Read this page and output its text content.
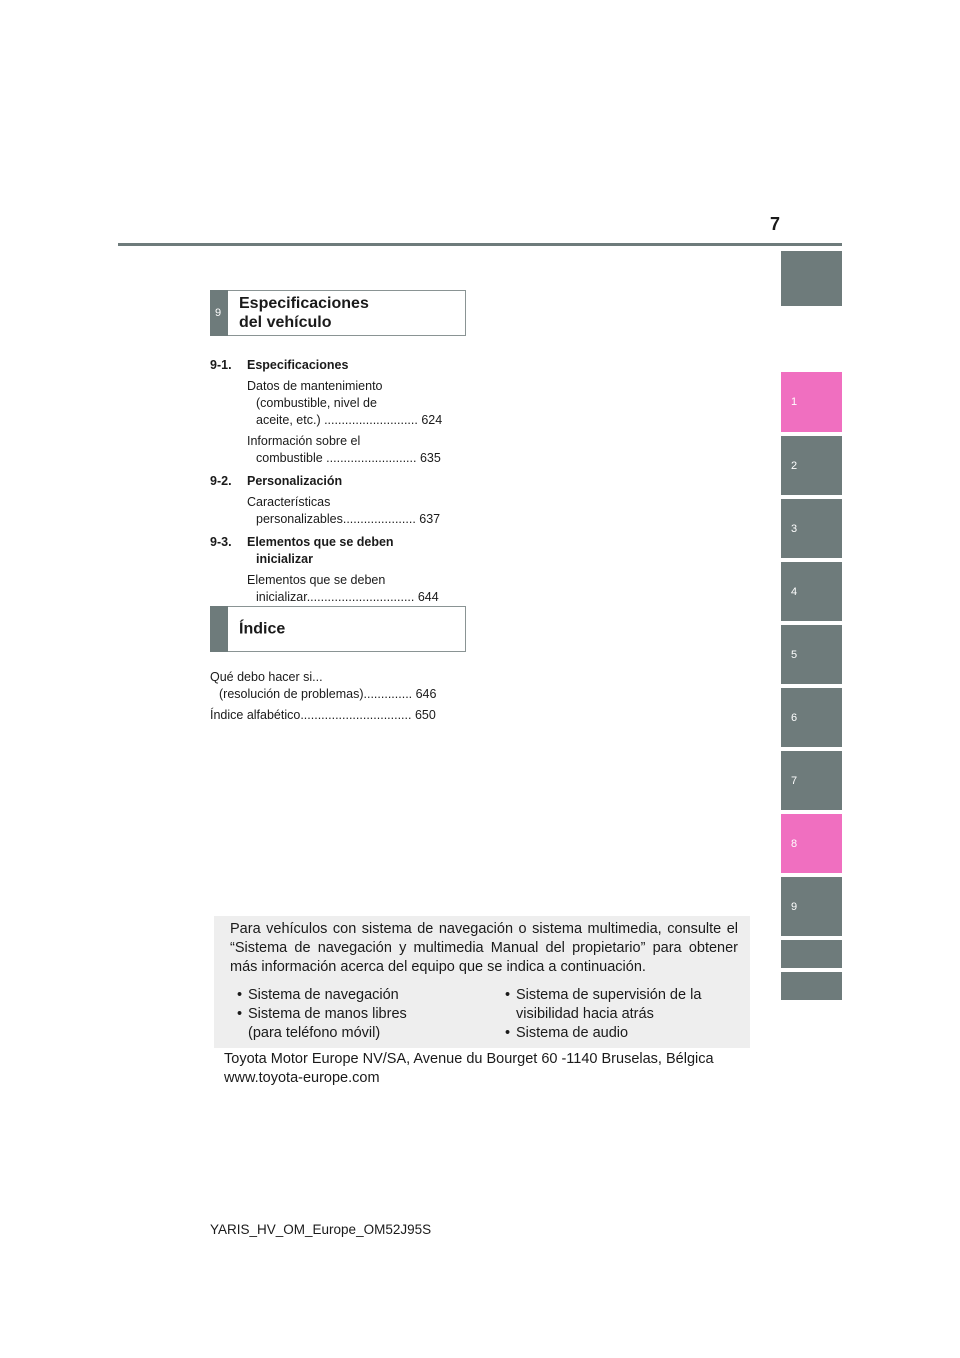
7
1
2
3
4
5
6
7
8
9
9
Especificaciones
del vehículo
9-1. Especificaciones
Datos de mantenimiento
(combustible, nivel de
aceite, etc.) ........................... 624
Información sobre el
combustible .......................... 635
9-2. Personalización
Características
personalizables..................... 637
9-3. Elementos que se deben
inicializar
Elementos que se deben
inicializar............................... 644
Índice
Qué debo hacer si...
(resolución de problemas).............. 646
Índice alfabético................................ 650

Para vehículos con sistema de navegación o sistema multimedia, consulte el “Sistema de navegación y multimedia Manual del propietario” para obtener más información acerca del equipo que se indica a continuación.

• Sistema de navegación
• Sistema de manos libres
(para teléfono móvil)
• Sistema de supervisión de la
visibilidad hacia atrás
• Sistema de audio
Toyota Motor Europe NV/SA, Avenue du Bourget 60 -1140 Bruselas, Bélgica
www.toyota-europe.com
YARIS_HV_OM_Europe_OM52J95S
